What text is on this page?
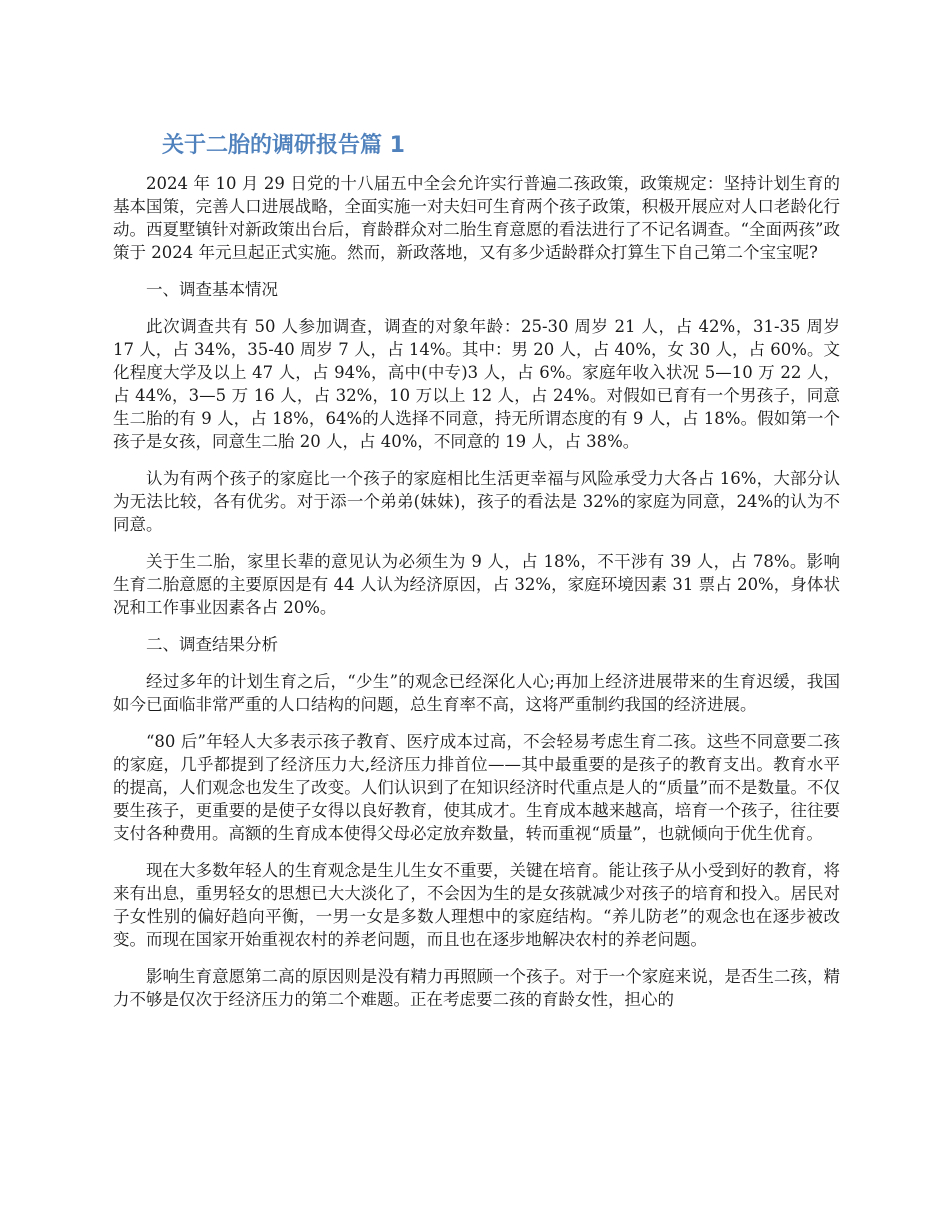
关于二胎的调研报告篇 1

2024 年 10 月 29 日党的十八届五中全会允许实行普遍二孩政策，政策规定：坚持计划生育的基本国策，完善人口进展战略，全面实施一对夫妇可生育两个孩子政策，积极开展应对人口老龄化行动。西夏墅镇针对新政策出台后，育龄群众对二胎生育意愿的看法进行了不记名调查。“全面两孩”政策于 2024 年元旦起正式实施。然而，新政落地，又有多少适龄群众打算生下自己第二个宝宝呢?

一、调查基本情况

此次调查共有 50 人参加调查，调查的对象年龄：25-30 周岁 21 人，占 42%，31-35 周岁 17 人，占 34%，35-40 周岁 7 人，占 14%。其中：男 20 人，占 40%，女 30 人，占 60%。文化程度大学及以上 47 人，占 94%，高中(中专)3 人，占 6%。家庭年收入状况 5—10 万 22 人，占 44%，3—5 万 16 人，占 32%，10 万以上 12 人，占 24%。对假如已育有一个男孩子，同意生二胎的有 9 人，占 18%，64%的人选择不同意，持无所谓态度的有 9 人，占 18%。假如第一个孩子是女孩，同意生二胎 20 人，占 40%，不同意的 19 人，占 38%。

认为有两个孩子的家庭比一个孩子的家庭相比生活更幸福与风险承受力大各占 16%，大部分认为无法比较，各有优劣。对于添一个弟弟(妹妹)，孩子的看法是 32%的家庭为同意，24%的认为不同意。

关于生二胎，家里长辈的意见认为必须生为 9 人，占 18%，不干涉有 39 人，占 78%。影响生育二胎意愿的主要原因是有 44 人认为经济原因，占 32%，家庭环境因素 31 票占 20%，身体状况和工作事业因素各占 20%。

二、调查结果分析

经过多年的计划生育之后，“少生”的观念已经深化人心;再加上经济进展带来的生育迟缓，我国如今已面临非常严重的人口结构的问题，总生育率不高，这将严重制约我国的经济进展。

“80 后”年轻人大多表示孩子教育、医疗成本过高，不会轻易考虑生育二孩。这些不同意要二孩的家庭，几乎都提到了经济压力大,经济压力排首位——其中最重要的是孩子的教育支出。教育水平的提高，人们观念也发生了改变。人们认识到了在知识经济时代重点是人的“质量”而不是数量。不仅要生孩子，更重要的是使子女得以良好教育，使其成才。生育成本越来越高，培育一个孩子，往往要支付各种费用。高额的生育成本使得父母必定放弃数量，转而重视“质量”，也就倾向于优生优育。

现在大多数年轻人的生育观念是生儿生女不重要，关键在培育。能让孩子从小受到好的教育，将来有出息，重男轻女的思想已大大淡化了，不会因为生的是女孩就减少对孩子的培育和投入。居民对子女性别的偏好趋向平衡，一男一女是多数人理想中的家庭结构。“养儿防老”的观念也在逐步被改变。而现在国家开始重视农村的养老问题，而且也在逐步地解决农村的养老问题。

影响生育意愿第二高的原因则是没有精力再照顾一个孩子。对于一个家庭来说，是否生二孩，精力不够是仅次于经济压力的第二个难题。正在考虑要二孩的育龄女性，担心的
